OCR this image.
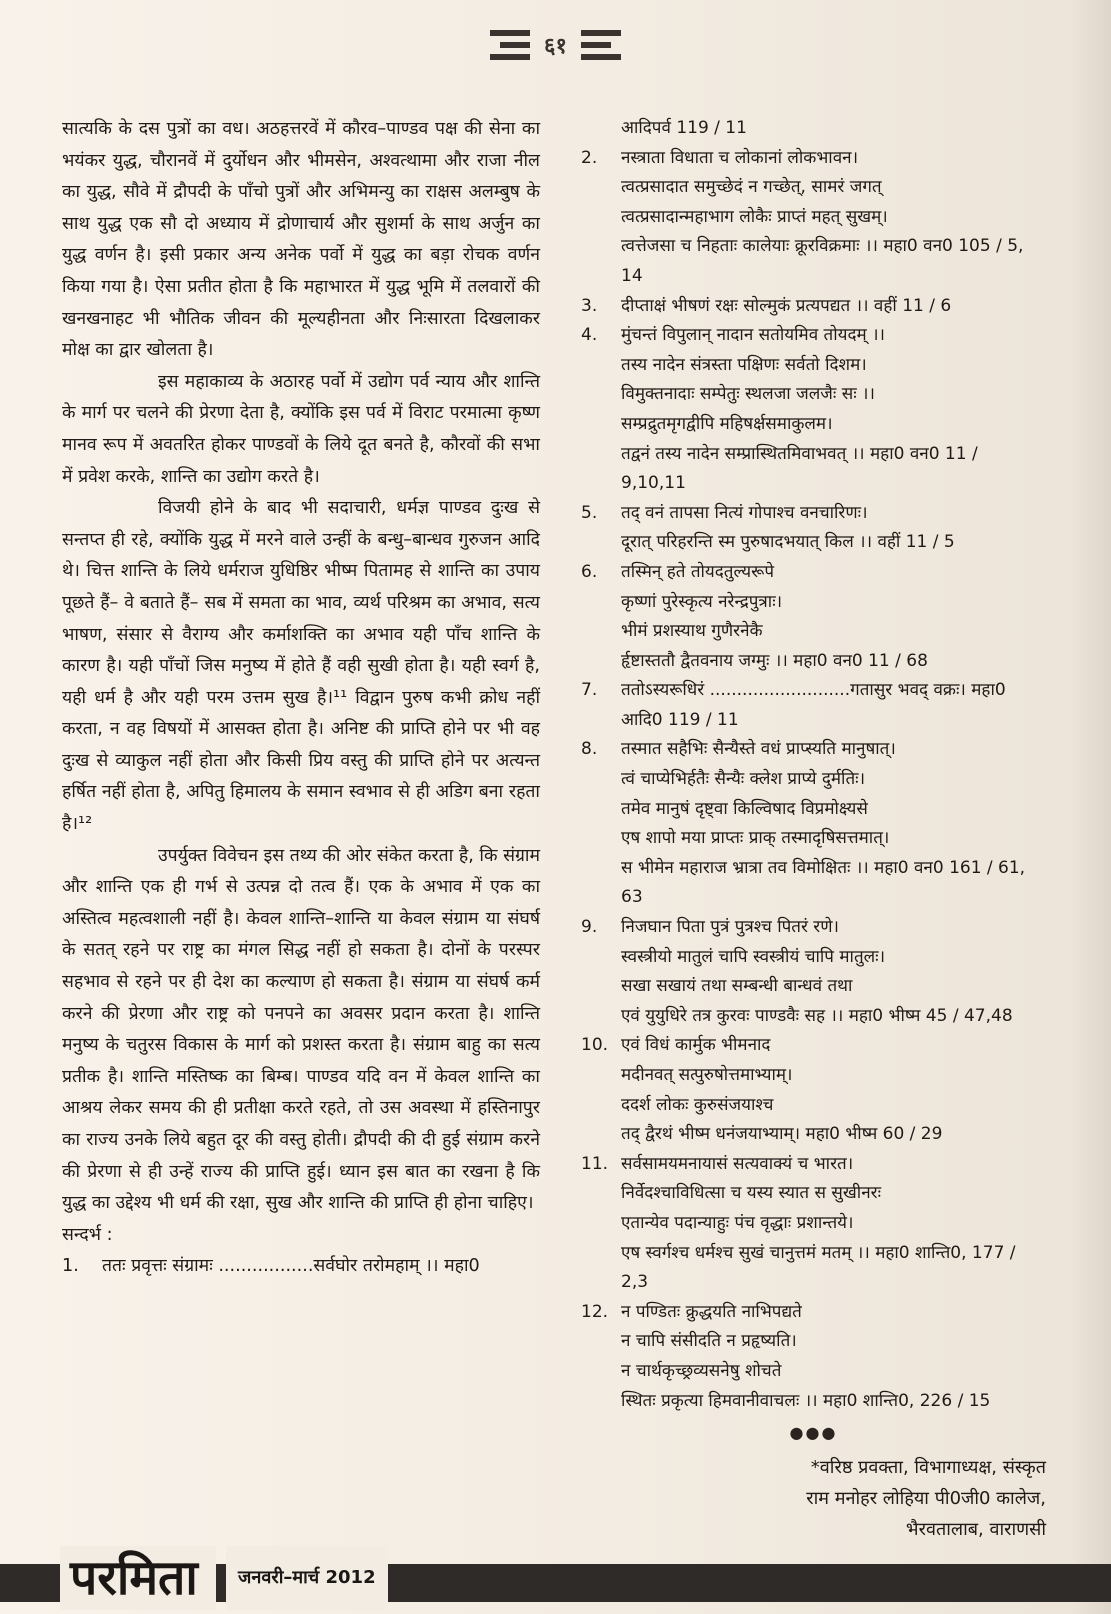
६१

सात्यकि के दस पुत्रों का वध। अठहत्तरवें में कौरव–पाण्डव पक्ष की सेना का भयंकर युद्ध, चौरानवें में दुर्योधन और भीमसेन, अश्वत्थामा और राजा नील का युद्ध, सौवे में द्रौपदी के पाँचो पुत्रों और अभिमन्यु का राक्षस अलम्बुष के साथ युद्ध एक सौ दो अध्याय में द्रोणाचार्य और सुशर्मा के साथ अर्जुन का युद्ध वर्णन है। इसी प्रकार अन्य अनेक पर्वो में युद्ध का बड़ा रोचक वर्णन किया गया है। ऐसा प्रतीत होता है कि महाभारत में युद्ध भूमि में तलवारों की खनखनाहट भी भौतिक जीवन की मूल्यहीनता और निःसारता दिखलाकर मोक्ष का द्वार खोलता है।

इस महाकाव्य के अठारह पर्वो में उद्योग पर्व न्याय और शान्ति के मार्ग पर चलने की प्रेरणा देता है, क्योंकि इस पर्व में विराट परमात्मा कृष्ण मानव रूप में अवतरित होकर पाण्डवों के लिये दूत बनते है, कौरवों की सभा में प्रवेश करके, शान्ति का उद्योग करते है।

विजयी होने के बाद भी सदाचारी, धर्मज्ञ पाण्डव दुःख से सन्तप्त ही रहे, क्योंकि युद्ध में मरने वाले उन्हीं के बन्धु–बान्धव गुरुजन आदि थे। चित्त शान्ति के लिये धर्मराज युधिष्ठिर भीष्म पितामह से शान्ति का उपाय पूछते हैं– वे बताते हैं– सब में समता का भाव, व्यर्थ परिश्रम का अभाव, सत्य भाषण, संसार से वैराग्य और कर्माशक्ति का अभाव यही पाँच शान्ति के कारण है। यही पाँचों जिस मनुष्य में होते हैं वही सुखी होता है। यही स्वर्ग है, यही धर्म है और यही परम उत्तम सुख है।¹¹ विद्वान पुरुष कभी क्रोध नहीं करता, न वह विषयों में आसक्त होता है। अनिष्ट की प्राप्ति होने पर भी वह दुःख से व्याकुल नहीं होता और किसी प्रिय वस्तु की प्राप्ति होने पर अत्यन्त हर्षित नहीं होता है, अपितु हिमालय के समान स्वभाव से ही अडिग बना रहता है।¹²

उपर्युक्त विवेचन इस तथ्य की ओर संकेत करता है, कि संग्राम और शान्ति एक ही गर्भ से उत्पन्न दो तत्व हैं। एक के अभाव में एक का अस्तित्व महत्वशाली नहीं है। केवल शान्ति–शान्ति या केवल संग्राम या संघर्ष के सतत् रहने पर राष्ट्र का मंगल सिद्ध नहीं हो सकता है। दोनों के परस्पर सहभाव से रहने पर ही देश का कल्याण हो सकता है। संग्राम या संघर्ष कर्म करने की प्रेरणा और राष्ट्र को पनपने का अवसर प्रदान करता है। शान्ति मनुष्य के चतुरस विकास के मार्ग को प्रशस्त करता है। संग्राम बाहु का सत्य प्रतीक है। शान्ति मस्तिष्क का बिम्ब। पाण्डव यदि वन में केवल शान्ति का आश्रय लेकर समय की ही प्रतीक्षा करते रहते, तो उस अवस्था में हस्तिनापुर का राज्य उनके लिये बहुत दूर की वस्तु होती। द्रौपदी की दी हुई संग्राम करने की प्रेरणा से ही उन्हें राज्य की प्राप्ति हुई। ध्यान इस बात का रखना है कि युद्ध का उद्देश्य भी धर्म की रक्षा, सुख और शान्ति की प्राप्ति ही होना चाहिए।

सन्दर्भ :

1.	ततः प्रवृत्तः संग्रामः .................सर्वघोर तरोमहाम् ।। महा0
आदिपर्व 119 / 11
2.	नस्त्राता विधाता च लोकानां लोकभावन।
त्वत्प्रसादात समुच्छेदं न गच्छेत्, सामरं जगत्
त्वत्प्रसादान्महाभाग लोकैः प्राप्तं महत् सुखम्।
त्वत्तेजसा च निहताः कालेयाः क्रूरविक्रमाः ।। महा0 वन0 105 / 5, 14
3.	दीप्ताक्षं भीषणं रक्षः सोल्मुकं प्रत्यपद्यत ।। वहीं 11 / 6
4.	मुंचन्तं विपुलान् नादान सतोयमिव तोयदम् ।।
तस्य नादेन संत्रस्ता पक्षिणः सर्वतो दिशम।
विमुक्तनादाः सम्पेतुः स्थलजा जलजैः सः ।।
सम्प्रद्रुतमृगद्वीपि महिषर्क्षसमाकुलम।
तद्वनं तस्य नादेन सम्प्रास्थितमिवाभवत् ।। महा0 वन0 11 / 9,10,11
5.	तद् वनं तापसा नित्यं गोपाश्च वनचारिणः।
दूरात् परिहरन्ति स्म पुरुषादभयात् किल ।। वहीं 11 / 5
6.	तस्मिन् हते तोयदतुल्यरूपे
कृष्णां पुरेस्कृत्य नरेन्द्रपुत्राः।
भीमं प्रशस्याथ गुणैरनेकै
र्हृष्टास्ततौ द्वैतवनाय जग्मुः ।। महा0 वन0 11 / 68
7.	ततोऽस्यरूधिरं ..........................गतासुर भवद् वक्रः। महा0 आदि0 119 / 11
8.	तस्मात सहैभिः सैन्यैस्ते वधं प्राप्स्यति मानुषात्।
त्वं चाप्येभिर्हतैः सैन्यैः क्लेश प्राप्ये दुर्मतिः।
तमेव मानुषं दृष्ट्वा किल्विषाद विप्रमोक्ष्यसे
एष शापो मया प्राप्तः प्राक् तस्मादृषिसत्तमात्।
स भीमेन महाराज भ्रात्रा तव विमोक्षितः ।। महा0 वन0 161 / 61, 63
9.	निजघान पिता पुत्रं पुत्रश्च पितरं रणे।
स्वस्त्रीयो मातुलं चापि स्वस्त्रीयं चापि मातुलः।
सखा सखायं तथा सम्बन्धी बान्धवं तथा
एवं युयुधिरे तत्र कुरवः पाण्डवैः सह ।। महा0 भीष्म 45 / 47,48
10. एवं विधं कार्मुक भीमनाद
मदीनवत् सत्पुरुषोत्तमाभ्याम्।
ददर्श लोकः कुरुसंजयाश्च
तद् द्वैरथं भीष्म धनंजयाभ्याम्। महा0 भीष्म 60 / 29
11. सर्वसामयमनायासं सत्यवाक्यं च भारत।
निर्वेदश्चाविधित्सा च यस्य स्यात स सुखीनरः
एतान्येव पदान्याहुः पंच वृद्धाः प्रशान्तये।
एष स्वर्गश्च धर्मश्च सुखं चानुत्तमं मतम् ।। महा0 शान्ति0, 177 / 2,3
12. न पण्डितः क्रुद्धयति नाभिपद्यते
न चापि संसीदति न प्रहृष्यति।
न चार्थकृच्छ्रव्यसनेषु शोचते
स्थितः प्रकृत्या हिमवानीवाचलः ।। महा0 शान्ति0, 226 / 15
●●●
*वरिष्ठ प्रवक्ता, विभागाध्यक्ष, संस्कृत
राम मनोहर लोहिया पी0जी0 कालेज,
भैरवतालाब, वाराणसी
परमिता	जनवरी–मार्च 2012
